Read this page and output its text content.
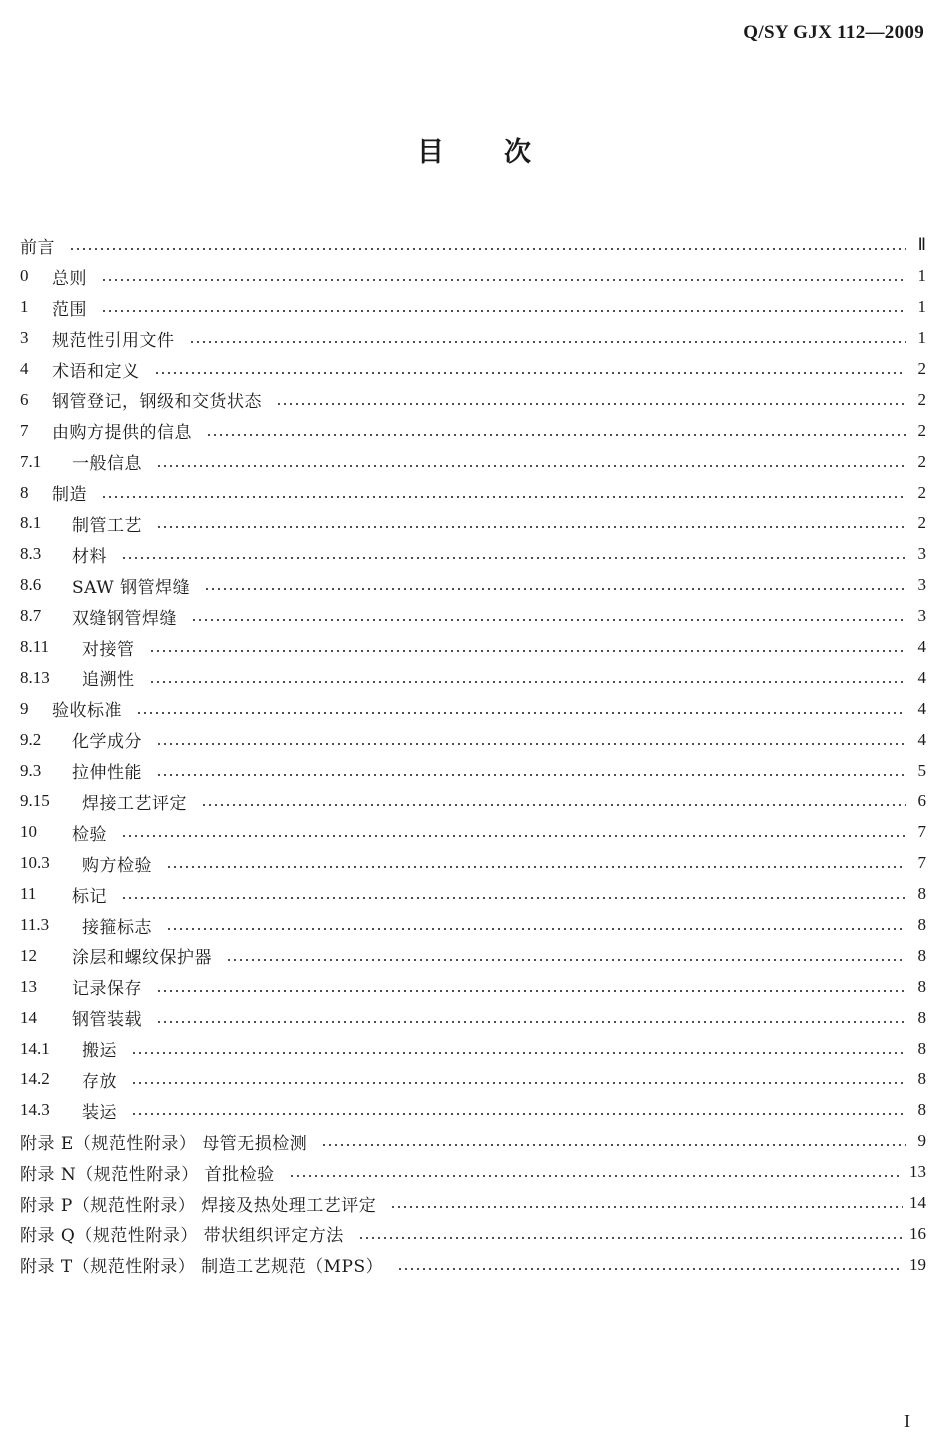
Q/SY GJX 112—2009
目 次
前言	Ⅱ
0	总则	1
1	范围	1
3	规范性引用文件	1
4	术语和定义	2
6	钢管登记，钢级和交货状态	2
7	由购方提供的信息	2
7.1	一般信息	2
8	制造	2
8.1	制管工艺	2
8.3	材料	3
8.6	SAW 钢管焊缝	3
8.7	双缝钢管焊缝	3
8.11	对接管	4
8.13	追溯性	4
9	验收标准	4
9.2	化学成分	4
9.3	拉伸性能	5
9.15	焊接工艺评定	6
10	检验	7
10.3	购方检验	7
11	标记	8
11.3	接箍标志	8
12	涂层和螺纹保护器	8
13	记录保存	8
14	钢管装载	8
14.1	搬运	8
14.2	存放	8
14.3	装运	8
附录 E（规范性附录） 母管无损检测	9
附录 N（规范性附录） 首批检验	13
附录 P（规范性附录） 焊接及热处理工艺评定	14
附录 Q（规范性附录） 带状组织评定方法	16
附录 T（规范性附录） 制造工艺规范（MPS）	19
I
